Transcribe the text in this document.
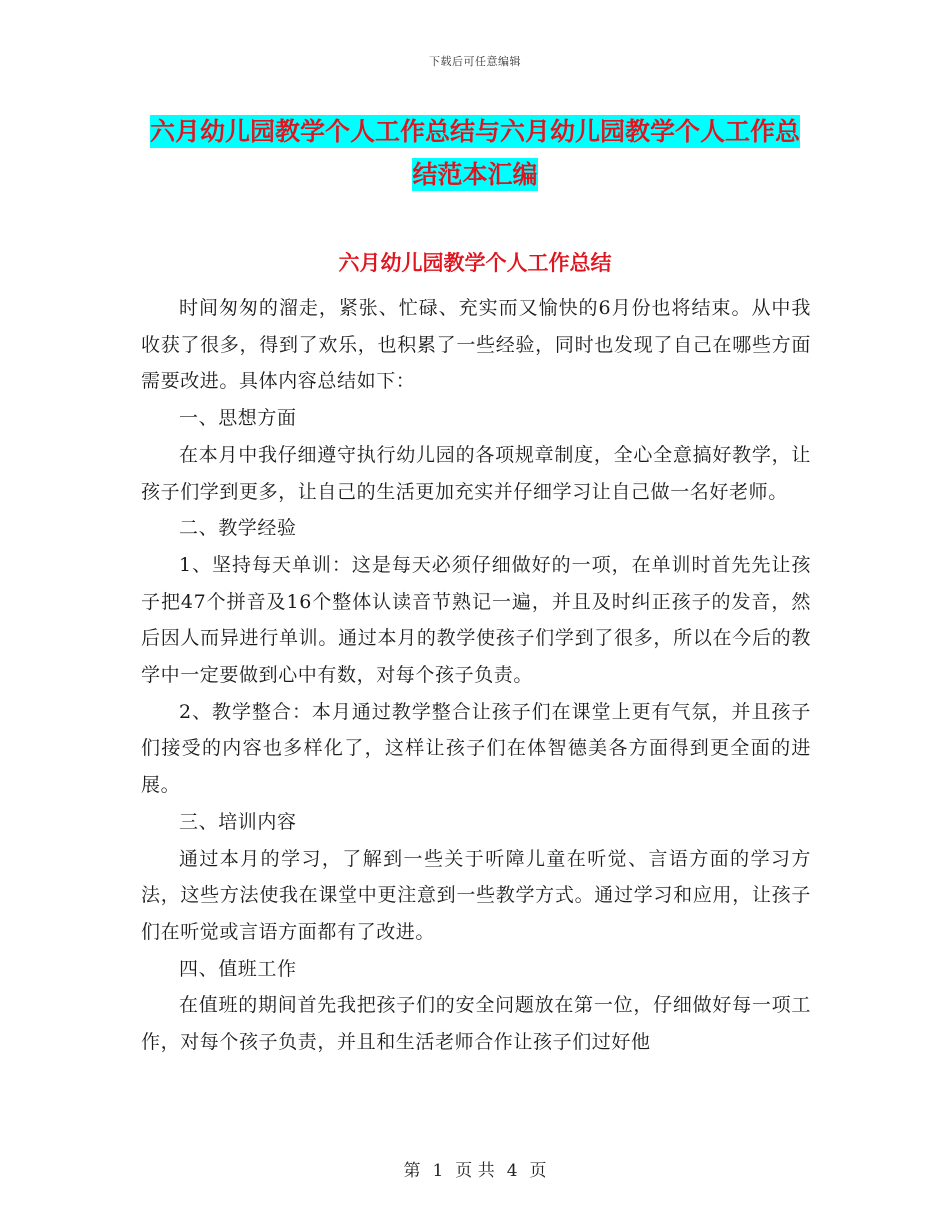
下载后可任意编辑
六月幼儿园教学个人工作总结与六月幼儿园教学个人工作总结范本汇编
六月幼儿园教学个人工作总结

时间匆匆的溜走，紧张、忙碌、充实而又愉快的6月份也将结束。从中我收获了很多，得到了欢乐，也积累了一些经验，同时也发现了自己在哪些方面需要改进。具体内容总结如下：

一、思想方面

在本月中我仔细遵守执行幼儿园的各项规章制度，全心全意搞好教学，让孩子们学到更多，让自己的生活更加充实并仔细学习让自己做一名好老师。

二、教学经验

1、坚持每天单训：这是每天必须仔细做好的一项，在单训时首先先让孩子把47个拼音及16个整体认读音节熟记一遍，并且及时纠正孩子的发音，然后因人而异进行单训。通过本月的教学使孩子们学到了很多，所以在今后的教学中一定要做到心中有数，对每个孩子负责。

2、教学整合：本月通过教学整合让孩子们在课堂上更有气氛，并且孩子们接受的内容也多样化了，这样让孩子们在体智德美各方面得到更全面的进展。

三、培训内容

通过本月的学习，了解到一些关于听障儿童在听觉、言语方面的学习方法，这些方法使我在课堂中更注意到一些教学方式。通过学习和应用，让孩子们在听觉或言语方面都有了改进。

四、值班工作

在值班的期间首先我把孩子们的安全问题放在第一位，仔细做好每一项工作，对每个孩子负责，并且和生活老师合作让孩子们过好他

第 1 页 共 4 页
